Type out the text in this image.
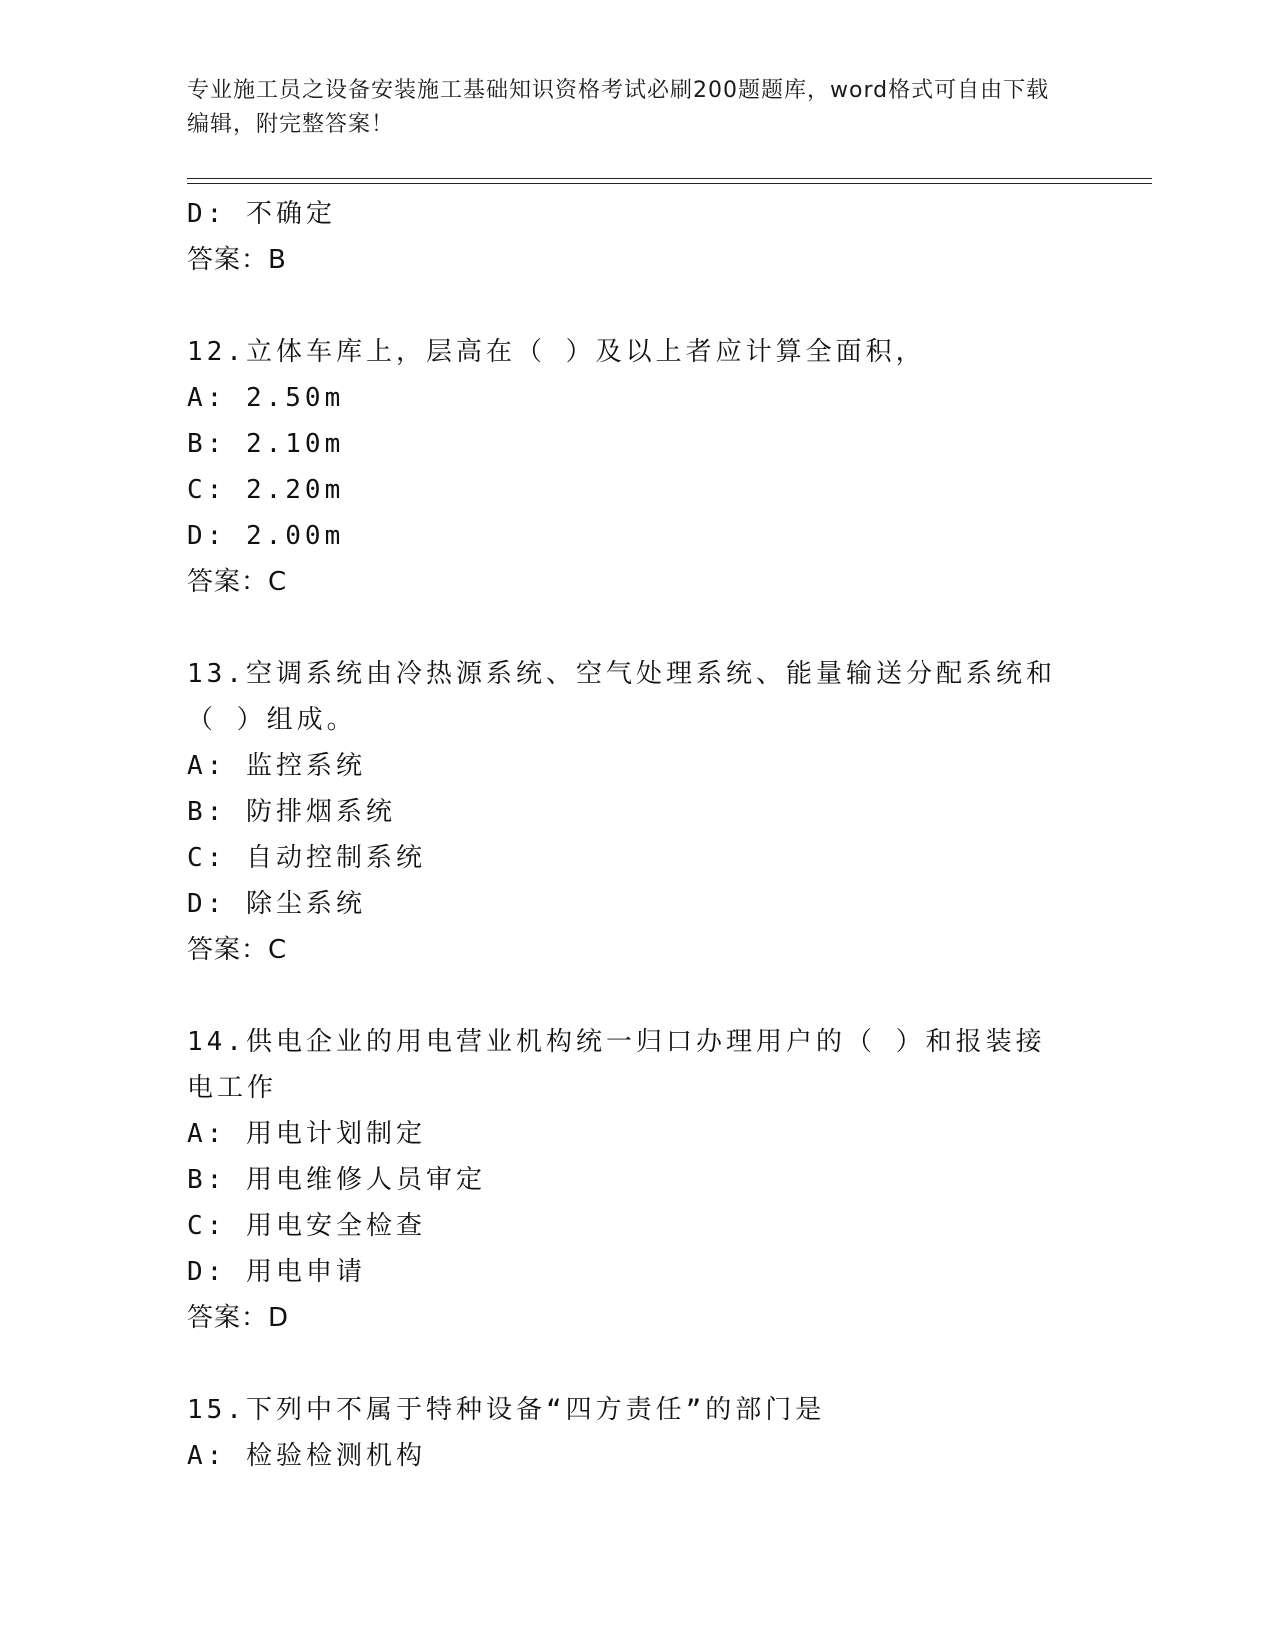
专业施工员之设备安装施工基础知识资格考试必刷200题题库，word格式可自由下载编辑，附完整答案！
D: 不确定
答案：B
12.立体车库上，层高在（ ）及以上者应计算全面积，
A: 2.50m
B: 2.10m
C: 2.20m
D: 2.00m
答案：C
13.空调系统由冷热源系统、空气处理系统、能量输送分配系统和（ ）组成。
A: 监控系统
B: 防排烟系统
C: 自动控制系统
D: 除尘系统
答案：C
14.供电企业的用电营业机构统一归口办理用户的（ ）和报装接电工作
A: 用电计划制定
B: 用电维修人员审定
C: 用电安全检查
D: 用电申请
答案：D
15.下列中不属于特种设备“四方责任”的部门是
A: 检验检测机构
